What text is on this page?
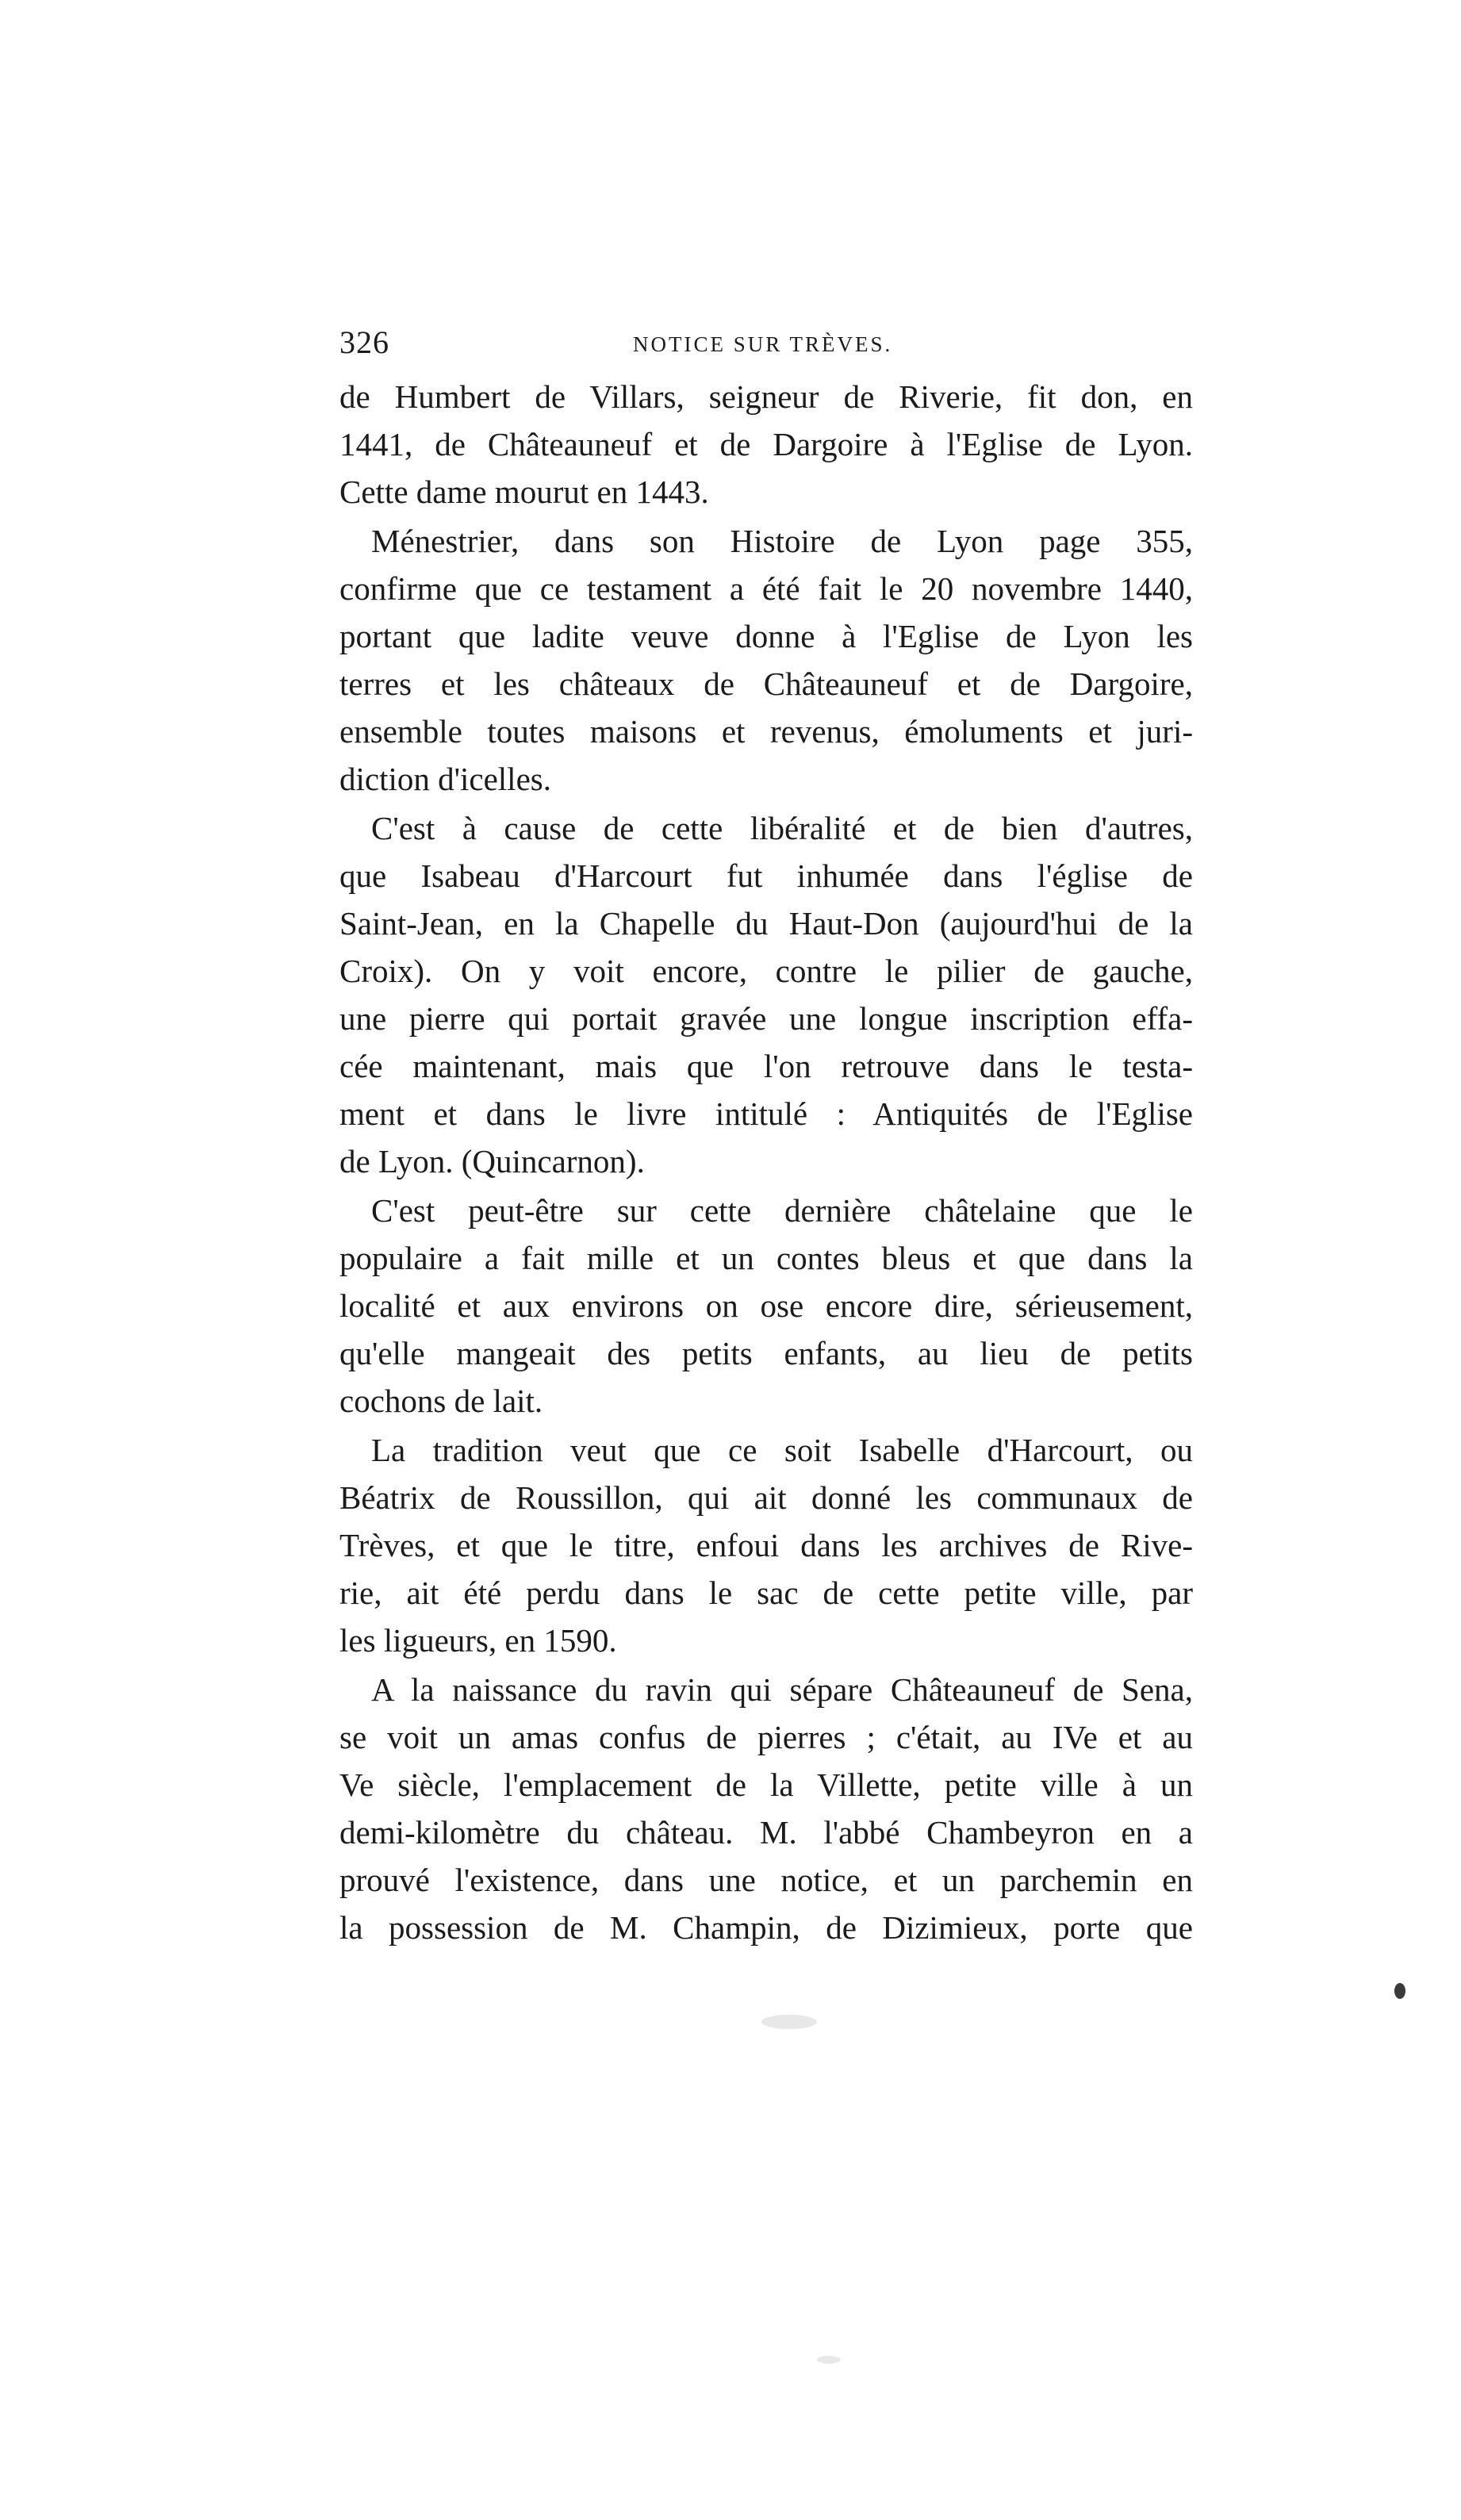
326	NOTICE SUR TRÈVES.
de Humbert de Villars, seigneur de Riverie, fit don, en
1441, de Châteauneuf et de Dargoire à l'Eglise de Lyon.
Cette dame mourut en 1443.
Ménestrier, dans son Histoire de Lyon page 355,
confirme que ce testament a été fait le 20 novembre 1440,
portant que ladite veuve donne à l'Eglise de Lyon les
terres et les châteaux de Châteauneuf et de Dargoire,
ensemble toutes maisons et revenus, émoluments et juri-
diction d'icelles.
C'est à cause de cette libéralité et de bien d'autres,
que Isabeau d'Harcourt fut inhumée dans l'église de
Saint-Jean, en la Chapelle du Haut-Don (aujourd'hui de la
Croix). On y voit encore, contre le pilier de gauche,
une pierre qui portait gravée une longue inscription effa-
cée maintenant, mais que l'on retrouve dans le testa-
ment et dans le livre intitulé : Antiquités de l'Eglise
de Lyon. (Quincarnon).
C'est peut-être sur cette dernière châtelaine que le
populaire a fait mille et un contes bleus et que dans la
localité et aux environs on ose encore dire, sérieusement,
qu'elle mangeait des petits enfants, au lieu de petits
cochons de lait.
La tradition veut que ce soit Isabelle d'Harcourt, ou
Béatrix de Roussillon, qui ait donné les communaux de
Trèves, et que le titre, enfoui dans les archives de Rive-
rie, ait été perdu dans le sac de cette petite ville, par
les ligueurs, en 1590.
A la naissance du ravin qui sépare Châteauneuf de Sena,
se voit un amas confus de pierres ; c'était, au IVe et au
Ve siècle, l'emplacement de la Villette, petite ville à un
demi-kilomètre du château. M. l'abbé Chambeyron en a
prouvé l'existence, dans une notice, et un parchemin en
la possession de M. Champin, de Dizimieux, porte que
